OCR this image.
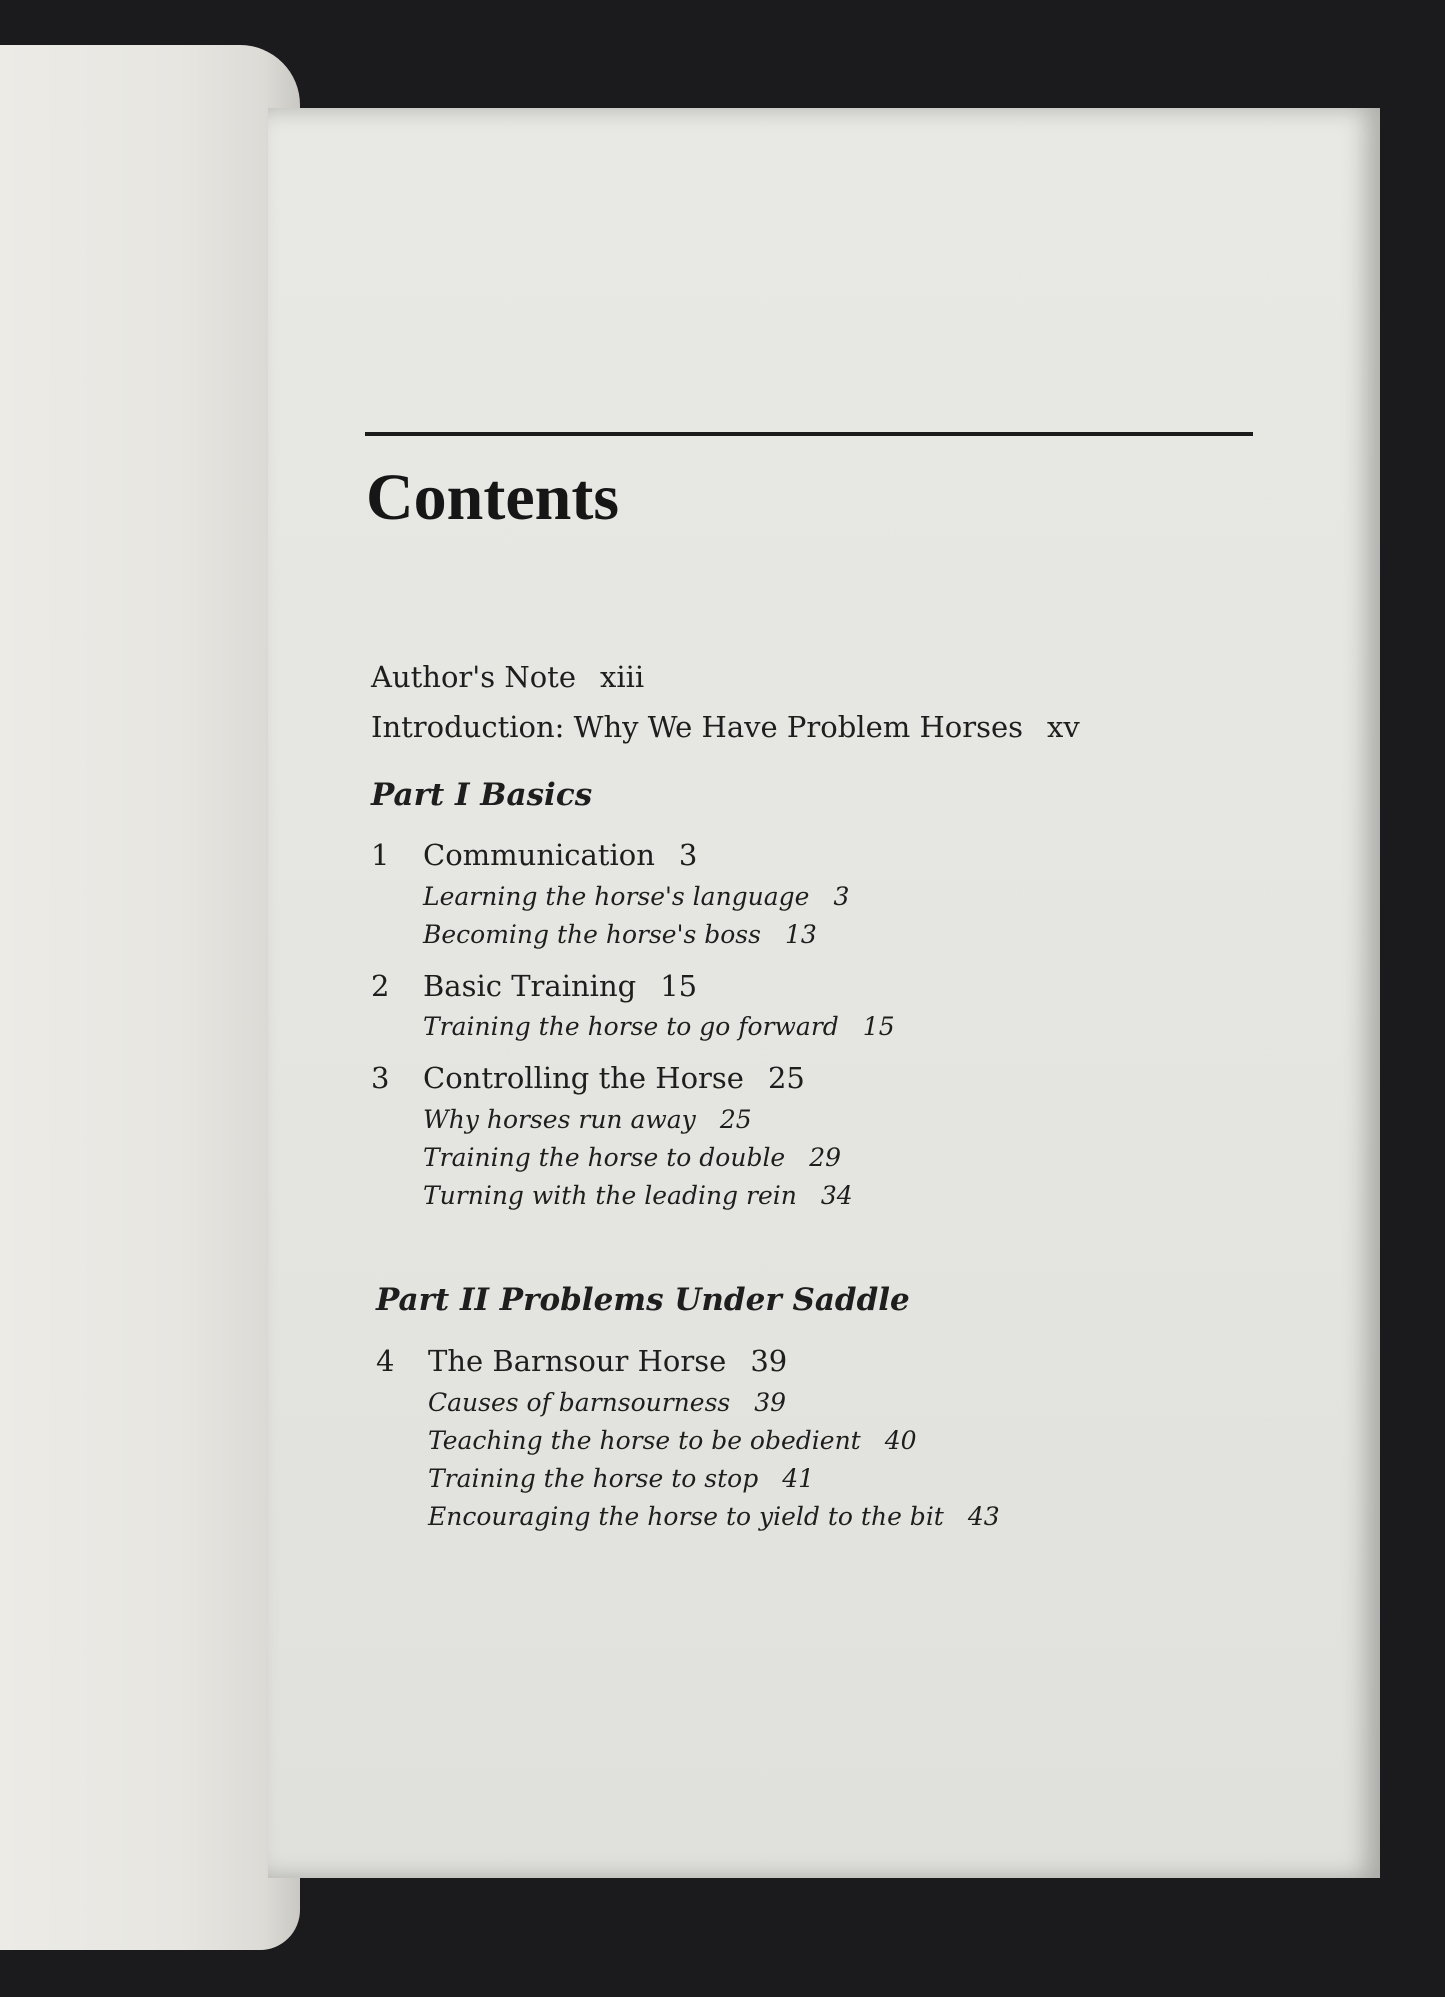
Contents
Author's Note xiii
Introduction: Why We Have Problem Horses xv
Part I Basics
1 Communication 3
Learning the horse's language 3
Becoming the horse's boss 13
2 Basic Training 15
Training the horse to go forward 15
3 Controlling the Horse 25
Why horses run away 25
Training the horse to double 29
Turning with the leading rein 34
Part II Problems Under Saddle
4 The Barnsour Horse 39
Causes of barnsourness 39
Teaching the horse to be obedient 40
Training the horse to stop 41
Encouraging the horse to yield to the bit 43
